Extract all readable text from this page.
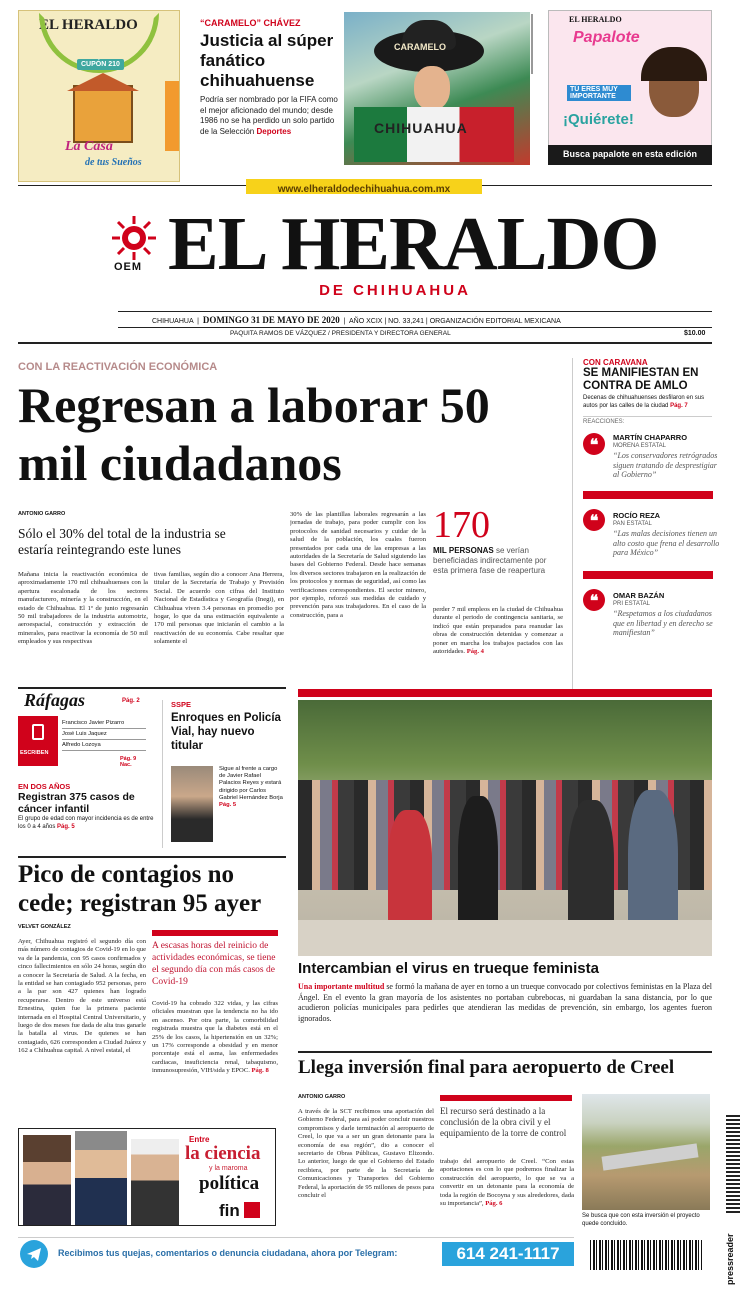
EL HERALDO
CUPÓN 210
La Casa
de tus Sueños
“CARAMELO” CHÁVEZ
Justicia al súper fanático chihuahuense
Podría ser nombrado por la FIFA como el mejor aficionado del mundo; desde 1986 no se ha perdido un solo partido de la Selección Deportes
CARAMELO
CHIHUAHUA
EL HERALDO
Papalote
TÚ ERES MUY IMPORTANTE
¡Quiérete!
Busca papalote en esta edición
www.elheraldodechihuahua.com.mx
OEM EL HERALDO
DE CHIHUAHUA
CHIHUAHUA  |  DOMINGO 31 DE MAYO DE 2020  |  AÑO XCIX | NO. 33,241 | ORGANIZACIÓN EDITORIAL MEXICANA
PAQUITA RAMOS DE VÁZQUEZ / PRESIDENTA Y DIRECTORA GENERAL	$10.00
CON LA REACTIVACIÓN ECONÓMICA
Regresan a laborar 50 mil ciudadanos
ANTONIO GARRO
Sólo el 30% del total de la industria se estaría reintegrando este lunes
Mañana inicia la reactivación económica de aproximadamente 170 mil chihuahuenses con la apertura escalonada de los sectores manufacturero, minería y la construcción, en el estado de Chihuahua. El 1º de junio regresarán 50 mil trabajadores de la industria automotriz, aeroespacial, construcción y extracción de minerales, para reactivar la economía de 50 mil empleados y sus respectivas
tivas familias, según dio a conocer Ana Herrera, titular de la Secretaría de Trabajo y Previsión Social. De acuerdo con cifras del Instituto Nacional de Estadística y Geografía (Inegi), en Chihuahua viven 3.4 personas en promedio por hogar, lo que da una estimación equivalente a 170 mil personas que iniciarán el cambio a la reactivación de su economía. Cabe resaltar que solamente el
30% de las plantillas laborales regresarán a las jornadas de trabajo, para poder cumplir con los protocolos de sanidad necesarios y cuidar de la salud de la población, los cuales fueron presentados por cada una de las empresas a las autoridades de la Secretaría de Salud siguiendo las bases del Gobierno Federal. Desde hace semanas los diversos sectores trabajaron en la realización de los protocolos y normas de seguridad, así como las verificaciones correspondientes. El sector minero, por ejemplo, reforzó sus medidas de cuidado y prevención para sus trabajadores. En el caso de la construcción, para a
170
MIL PERSONAS se verían beneficiadas indirectamente por esta primera fase de reapertura
perder 7 mil empleos en la ciudad de Chihuahua durante el periodo de contingencia sanitaria, se indicó que están preparados para reanudar las obras de construcción detenidas y comenzar a poner en marcha los trabajos pactados con las autoridades. Pág. 4
CON CARAVANA
SE MANIFIESTAN EN CONTRA DE AMLO
Decenas de chihuahuenses desfilaron en sus autos por las calles de la ciudad Pág. 7
REACCIONES:
❝	MARTÍN CHAPARRO
MORENA ESTATAL
“Los conservadores retrógrados siguen tratando de desprestigiar al Gobierno”
❝	ROCÍO REZA
PAN ESTATAL
“Las malas decisiones tienen un alto costo que frena el desarrollo para México”
❝	OMAR BAZÁN
PRI ESTATAL
“Respetamos a los ciudadanos que en libertad y en derecho se manifiestan”
Ráfagas	Pág. 2
ESCRIBEN
Francisco Javier Pizarro
José Luis Jaquez
Alfredo Lozoya
Pág. 9 Nac.
EN DOS AÑOS
Registran 375 casos de cáncer infantil
El grupo de edad con mayor incidencia es de entre los 0 a 4 años Pág. 5
SSPE
Enroques en Policía Vial, hay nuevo titular
Sigue al frente a cargo de Javier Rafael Palacios Reyes y estará dirigido por Carlos Gabriel Hernández Borja Pág. 5
Pico de contagios no cede; registran 95 ayer
VELVET GONZÁLEZ
Ayer, Chihuahua registró el segundo día con más número de contagios de Covid-19 en lo que va de la pandemia, con 95 casos confirmados y cinco fallecimientos en sólo 24 horas, según dio a conocer la Secretaría de Salud. A la fecha, en la entidad se han contagiado 952 personas, pero a la par son 427 quienes han logrado recuperarse. Dentro de este universo está Ernestina, quien fue la primera paciente internada en el Hospital Central Universitario, y luego de dos meses fue dada de alta tras ganarle la batalla al virus. De quienes se han contagiado, 626 corresponden a Ciudad Juárez y 162 a Chihuahua capital. A nivel estatal, el
A escasas horas del reinicio de actividades económicas, se tiene el segundo día con más casos de Covid-19
Covid-19 ha cobrado 322 vidas, y las cifras oficiales muestran que la tendencia no ha ido en ascenso. Por otra parte, la comorbilidad registrada muestra que la diabetes está en el 25% de los casos, la hipertensión en un 32%; un 17% corresponde a obesidad y en menor porcentaje está el asma, las enfermedades cardiacas, insuficiencia renal, tabaquismo, inmunosupresión, VIH/sida y EPOC. Pág. 8
Entre
la ciencia
y la maroma
política
fin
Intercambian el virus en trueque feminista
Una importante multitud se formó la mañana de ayer en torno a un trueque convocado por colectivos feministas en la Plaza del Ángel. En el evento la gran mayoría de los asistentes no portaban cubrebocas, ni guardaban la sana distancia, por lo que acudieron policías municipales para pedirles que atendieran las medidas de prevención, sin embargo, los agentes fueron ignorados.
Llega inversión final para aeropuerto de Creel
ANTONIO GARRO
A través de la SCT recibimos una aportación del Gobierno Federal, para así poder concluir nuestros compromisos y darle terminación al aeropuerto de Creel, lo que va a ser un gran detonante para la economía de esa región”, dio a conocer el secretario de Obras Públicas, Gustavo Elizondo. Lo anterior, luego de que el Gobierno del Estado recibiera, por parte de la Secretaría de Comunicaciones y Transportes del Gobierno Federal, la aportación de 95 millones de pesos para concluir el
El recurso será destinado a la conclusión de la obra civil y el equipamiento de la torre de control
trabajo del aeropuerto de Creel. “Con estas aportaciones es con lo que podremos finalizar la construcción del aeropuerto, lo que se va a convertir en un detonante para la economía de toda la región de Bocoyna y sus alrededores, dada su importancia”, Pág. 6
Se busca que con esta inversión el proyecto quede concluido.
pressreader
Recibimos tus quejas, comentarios o denuncia ciudadana, ahora por Telegram:	614 241-1117
